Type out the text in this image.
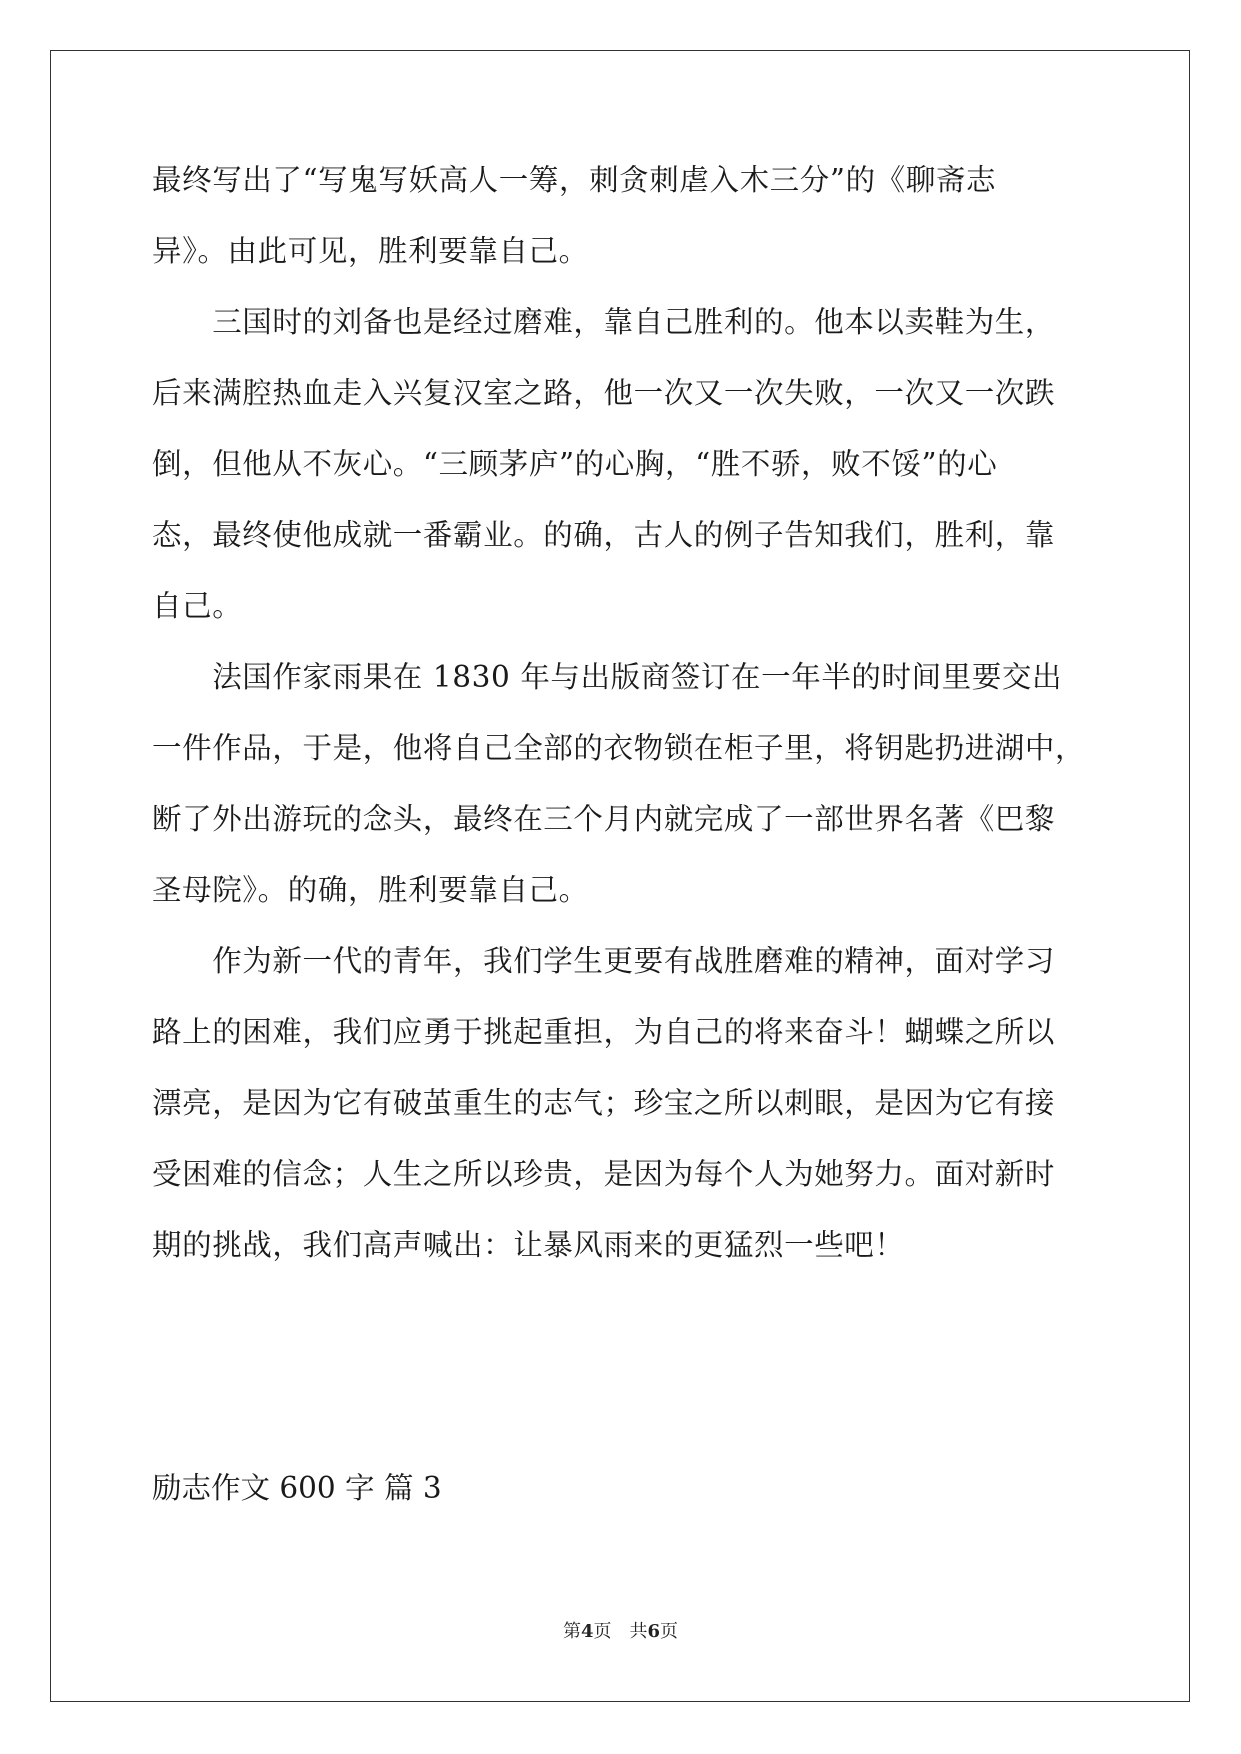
最终写出了“写鬼写妖高人一筹，刺贪刺虐入木三分”的《聊斋志
异》。由此可见，胜利要靠自己。
　　三国时的刘备也是经过磨难，靠自己胜利的。他本以卖鞋为生，
后来满腔热血走入兴复汉室之路，他一次又一次失败，一次又一次跌
倒，但他从不灰心。“三顾茅庐”的心胸，“胜不骄，败不馁”的心
态，最终使他成就一番霸业。的确，古人的例子告知我们，胜利，靠
自己。
　　法国作家雨果在 1830 年与出版商签订在一年半的时间里要交出
一件作品，于是，他将自己全部的衣物锁在柜子里，将钥匙扔进湖中，
断了外出游玩的念头，最终在三个月内就完成了一部世界名著《巴黎
圣母院》。的确，胜利要靠自己。
　　作为新一代的青年，我们学生更要有战胜磨难的精神，面对学习
路上的困难，我们应勇于挑起重担，为自己的将来奋斗！蝴蝶之所以
漂亮，是因为它有破茧重生的志气；珍宝之所以刺眼，是因为它有接
受困难的信念；人生之所以珍贵，是因为每个人为她努力。面对新时
期的挑战，我们高声喊出：让暴风雨来的更猛烈一些吧！
励志作文 600 字 篇 3
第4页　共6页
